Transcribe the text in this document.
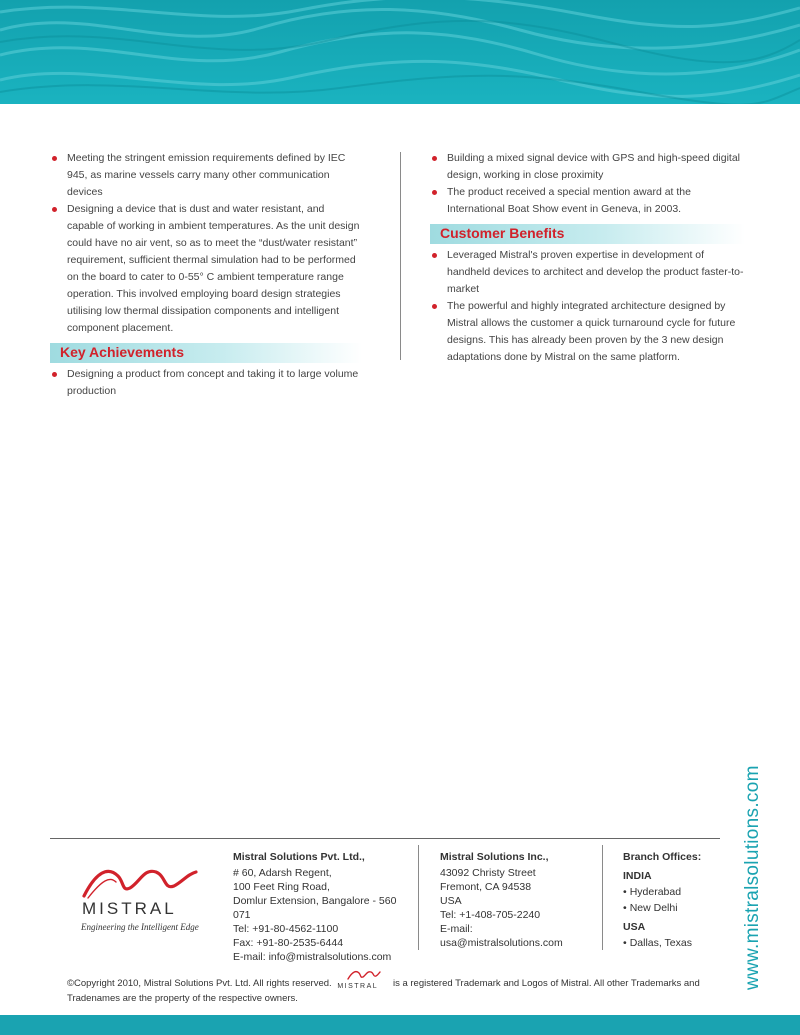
Meeting the stringent emission requirements defined by IEC 945, as marine vessels carry many other communication devices
Designing a device that is dust and water resistant, and capable of working in ambient temperatures. As the unit design could have no air vent, so as to meet the “dust/water resistant” requirement, sufficient thermal simulation had to be performed on the board to cater to 0-55° C ambient temperature range operation. This involved employing board design strategies utilising low thermal dissipation components and intelligent component placement.
Key Achievements
Designing a product from concept and taking it to large volume production
Building a mixed signal device with GPS and high-speed digital design, working in close proximity
The product received a special mention award at the International Boat Show event in Geneva, in 2003.
Customer Benefits
Leveraged Mistral's proven expertise in development of handheld devices to architect and develop the product faster-to-market
The powerful and highly integrated architecture designed by Mistral allows the customer a quick turnaround cycle for future designs. This has already been proven by the 3 new design adaptations done by Mistral on the same platform.
www.mistralsolutions.com
MISTRAL
Engineering the Intelligent Edge
Mistral Solutions Pvt. Ltd.,
# 60, Adarsh Regent,
100 Feet Ring Road,
Domlur Extension, Bangalore - 560 071
Tel: +91-80-4562-1100
Fax: +91-80-2535-6444
E-mail: info@mistralsolutions.com
Mistral Solutions Inc.,
43092 Christy Street
Fremont, CA 94538
USA
Tel: +1-408-705-2240
E-mail: usa@mistralsolutions.com
Branch Offices:
INDIA
• Hyderabad
• New Delhi
USA
• Dallas, Texas
©Copyright 2010, Mistral Solutions Pvt. Ltd. All rights reserved. MISTRAL is a registered Trademark and Logos of Mistral. All other Trademarks and Tradenames are the property of the respective owners.
